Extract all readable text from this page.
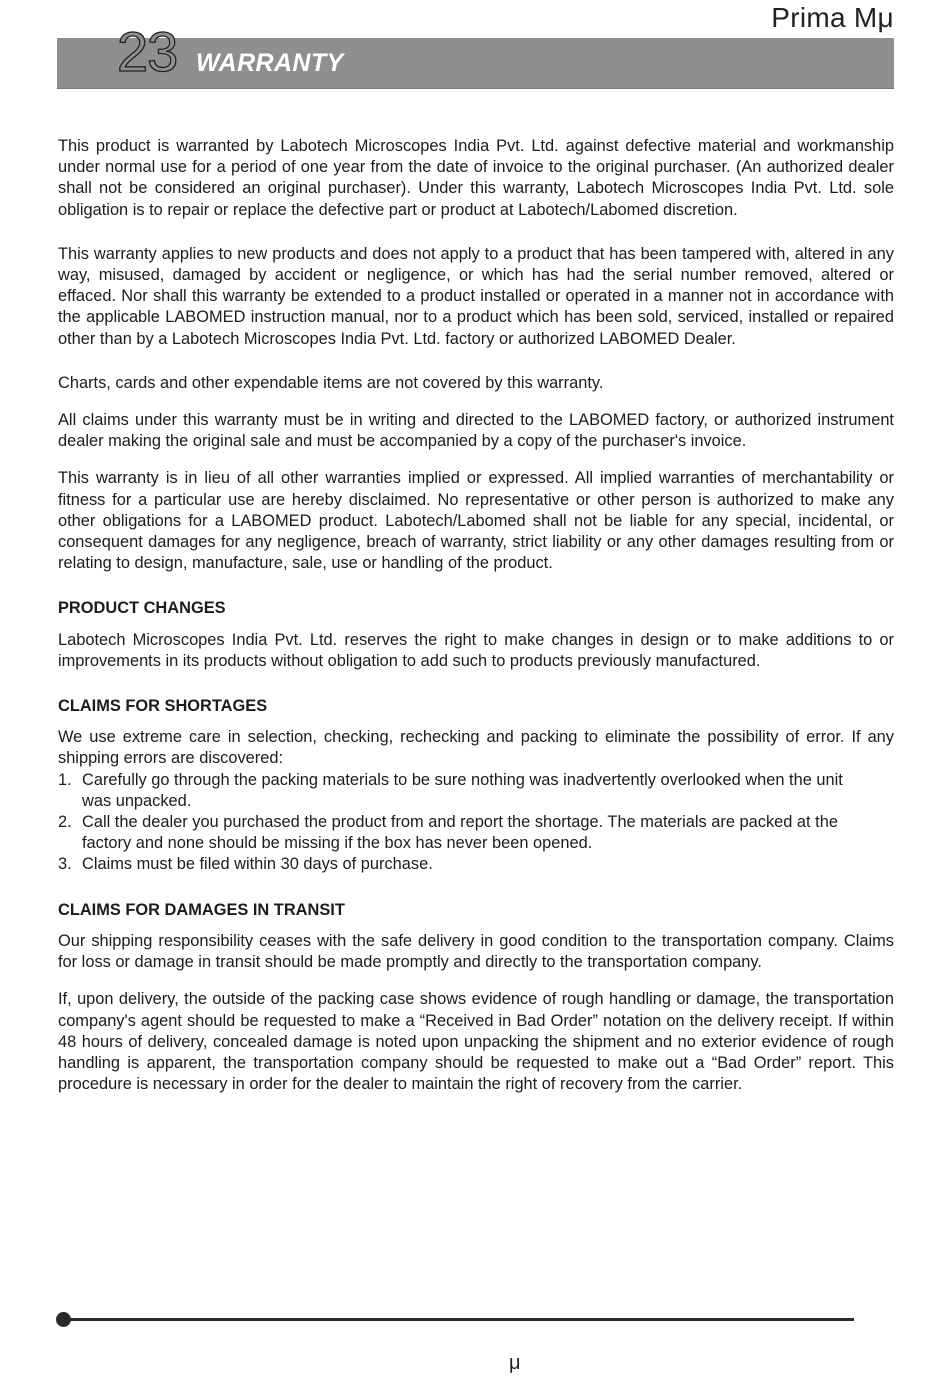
Prima Mμ
23 WARRANTY

This product is warranted by Labotech Microscopes India Pvt. Ltd. against defective material and workmanship under normal use for a period of one year from the date of invoice to the original purchaser. (An authorized dealer shall not be considered an original purchaser). Under this warranty, Labotech Microscopes India Pvt. Ltd. sole obligation is to repair or replace the defective part or product at Labotech/Labomed discretion.

This warranty applies to new products and does not apply to a product that has been tampered with, altered in any way, misused, damaged by accident or negligence, or which has had the serial number removed, altered or effaced. Nor shall this warranty be extended to a product installed or operated in a manner not in accordance with the applicable LABOMED instruction manual, nor to a product which has been sold, serviced, installed or repaired other than by a Labotech Microscopes India Pvt. Ltd. factory or authorized LABOMED Dealer.

Charts, cards and other expendable items are not covered by this warranty.

All claims under this warranty must be in writing and directed to the LABOMED factory, or authorized instrument dealer making the original sale and must be accompanied by a copy of the purchaser's invoice.

This warranty is in lieu of all other warranties implied or expressed. All implied warranties of merchantability or fitness for a particular use are hereby disclaimed. No representative or other person is authorized to make any other obligations for a LABOMED product. Labotech/Labomed shall not be liable for any special, incidental, or consequent damages for any negligence, breach of warranty, strict liability or any other damages resulting from or relating to design, manufacture, sale, use or handling of the product.

PRODUCT CHANGES

Labotech Microscopes India Pvt. Ltd. reserves the right to make changes in design or to make additions to or improvements in its products without obligation to add such to products previously manufactured.

CLAIMS FOR SHORTAGES

We use extreme care in selection, checking, rechecking and packing to eliminate the possibility of error. If any shipping errors are discovered:

1. Carefully go through the packing materials to be sure nothing was inadvertently overlooked when the unit was unpacked.
2. Call the dealer you purchased the product from and report the shortage. The materials are packed at the factory and none should be missing if the box has never been opened.
3. Claims must be filed within 30 days of purchase.
CLAIMS FOR DAMAGES IN TRANSIT

Our shipping responsibility ceases with the safe delivery in good condition to the transportation company. Claims for loss or damage in transit should be made promptly and directly to the transportation company.

If, upon delivery, the outside of the packing case shows evidence of rough handling or damage, the transportation company's agent should be requested to make a “Received in Bad Order” notation on the delivery receipt. If within 48 hours of delivery, concealed damage is noted upon unpacking the shipment and no exterior evidence of rough handling is apparent, the transportation company should be requested to make out a “Bad Order” report. This procedure is necessary in order for the dealer to maintain the right of recovery from the carrier.

μ
